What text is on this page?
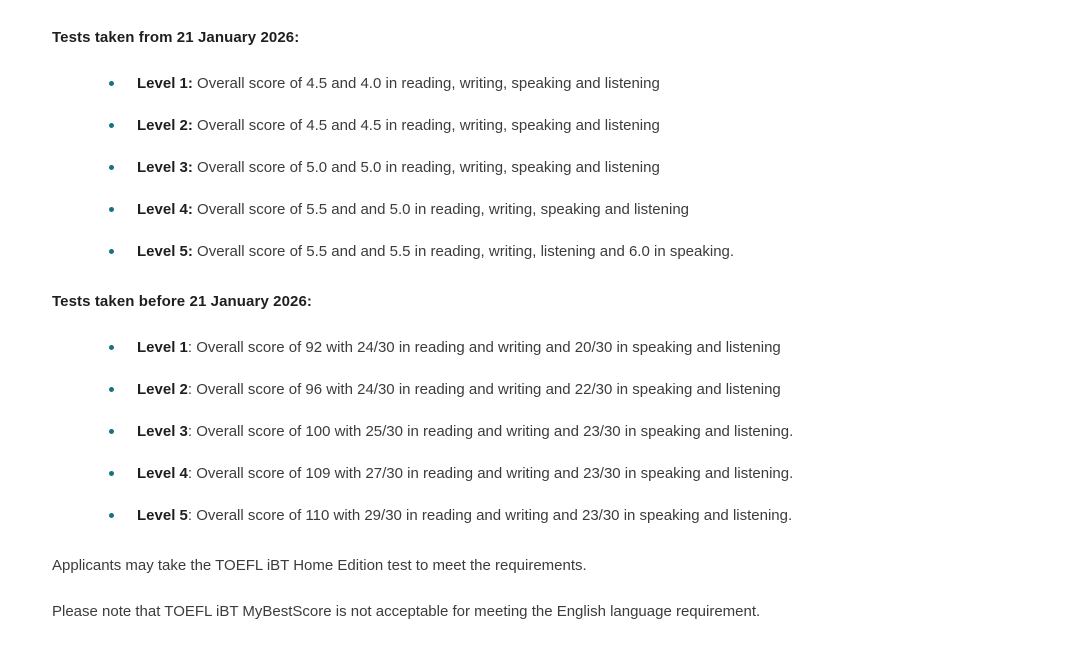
Tests taken from 21 January 2026:
Level 1: Overall score of 4.5 and 4.0 in reading, writing, speaking and listening
Level 2: Overall score of 4.5 and 4.5 in reading, writing, speaking and listening
Level 3: Overall score of 5.0 and 5.0 in reading, writing, speaking and listening
Level 4: Overall score of 5.5 and and 5.0 in reading, writing, speaking and listening
Level 5: Overall score of 5.5 and and 5.5 in reading, writing, listening and 6.0 in speaking.
Tests taken before 21 January 2026:
Level 1: Overall score of 92 with 24/30 in reading and writing and 20/30 in speaking and listening
Level 2: Overall score of 96 with 24/30 in reading and writing and 22/30 in speaking and listening
Level 3: Overall score of 100 with 25/30 in reading and writing and 23/30 in speaking and listening.
Level 4: Overall score of 109 with 27/30 in reading and writing and 23/30 in speaking and listening.
Level 5: Overall score of 110 with 29/30 in reading and writing and 23/30 in speaking and listening.

Applicants may take the TOEFL iBT Home Edition test to meet the requirements.

Please note that TOEFL iBT MyBestScore is not acceptable for meeting the English language requirement.
